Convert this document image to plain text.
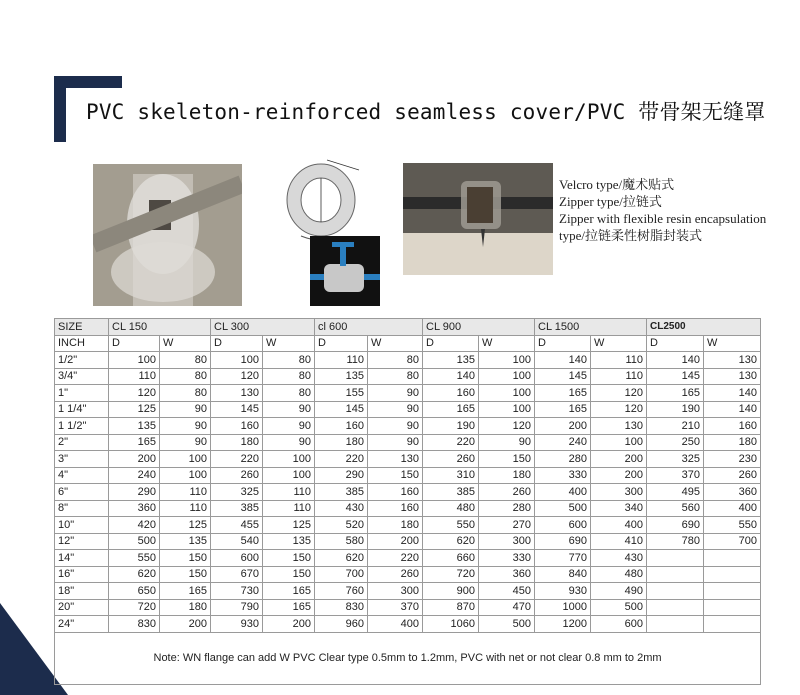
PVC skeleton-reinforced seamless cover/PVC 带骨架无缝罩
Velcro type/魔术贴式
Zipper type/拉链式
Zipper with flexible resin encapsulation
type/拉链柔性树脂封装式
SIZE	CL 150		CL 300		cl 600		CL 900		CL 1500		CL2500	
INCH	D	W	D	W	D	W	D	W	D	W	D	W
1/2"	100	80	100	80	110	80	135	100	140	110	140	130
3/4"	110	80	120	80	135	80	140	100	145	110	145	130
1"	120	80	130	80	155	90	160	100	165	120	165	140
1 1/4"	125	90	145	90	145	90	165	100	165	120	190	140
1 1/2"	135	90	160	90	160	90	190	120	200	130	210	160
2"	165	90	180	90	180	90	220	90	240	100	250	180
3"	200	100	220	100	220	130	260	150	280	200	325	230
4"	240	100	260	100	290	150	310	180	330	200	370	260
6"	290	110	325	110	385	160	385	260	400	300	495	360
8"	360	110	385	110	430	160	480	280	500	340	560	400
10"	420	125	455	125	520	180	550	270	600	400	690	550
12"	500	135	540	135	580	200	620	300	690	410	780	700
14"	550	150	600	150	620	220	660	330	770	430		
16"	620	150	670	150	700	260	720	360	840	480		
18"	650	165	730	165	760	300	900	450	930	490		
20"	720	180	790	165	830	370	870	470	1000	500		
24"	830	200	930	200	960	400	1060	500	1200	600		
Note: WN flange can add W PVC Clear type 0.5mm to 1.2mm, PVC with net or not clear 0.8 mm to 2mm												
